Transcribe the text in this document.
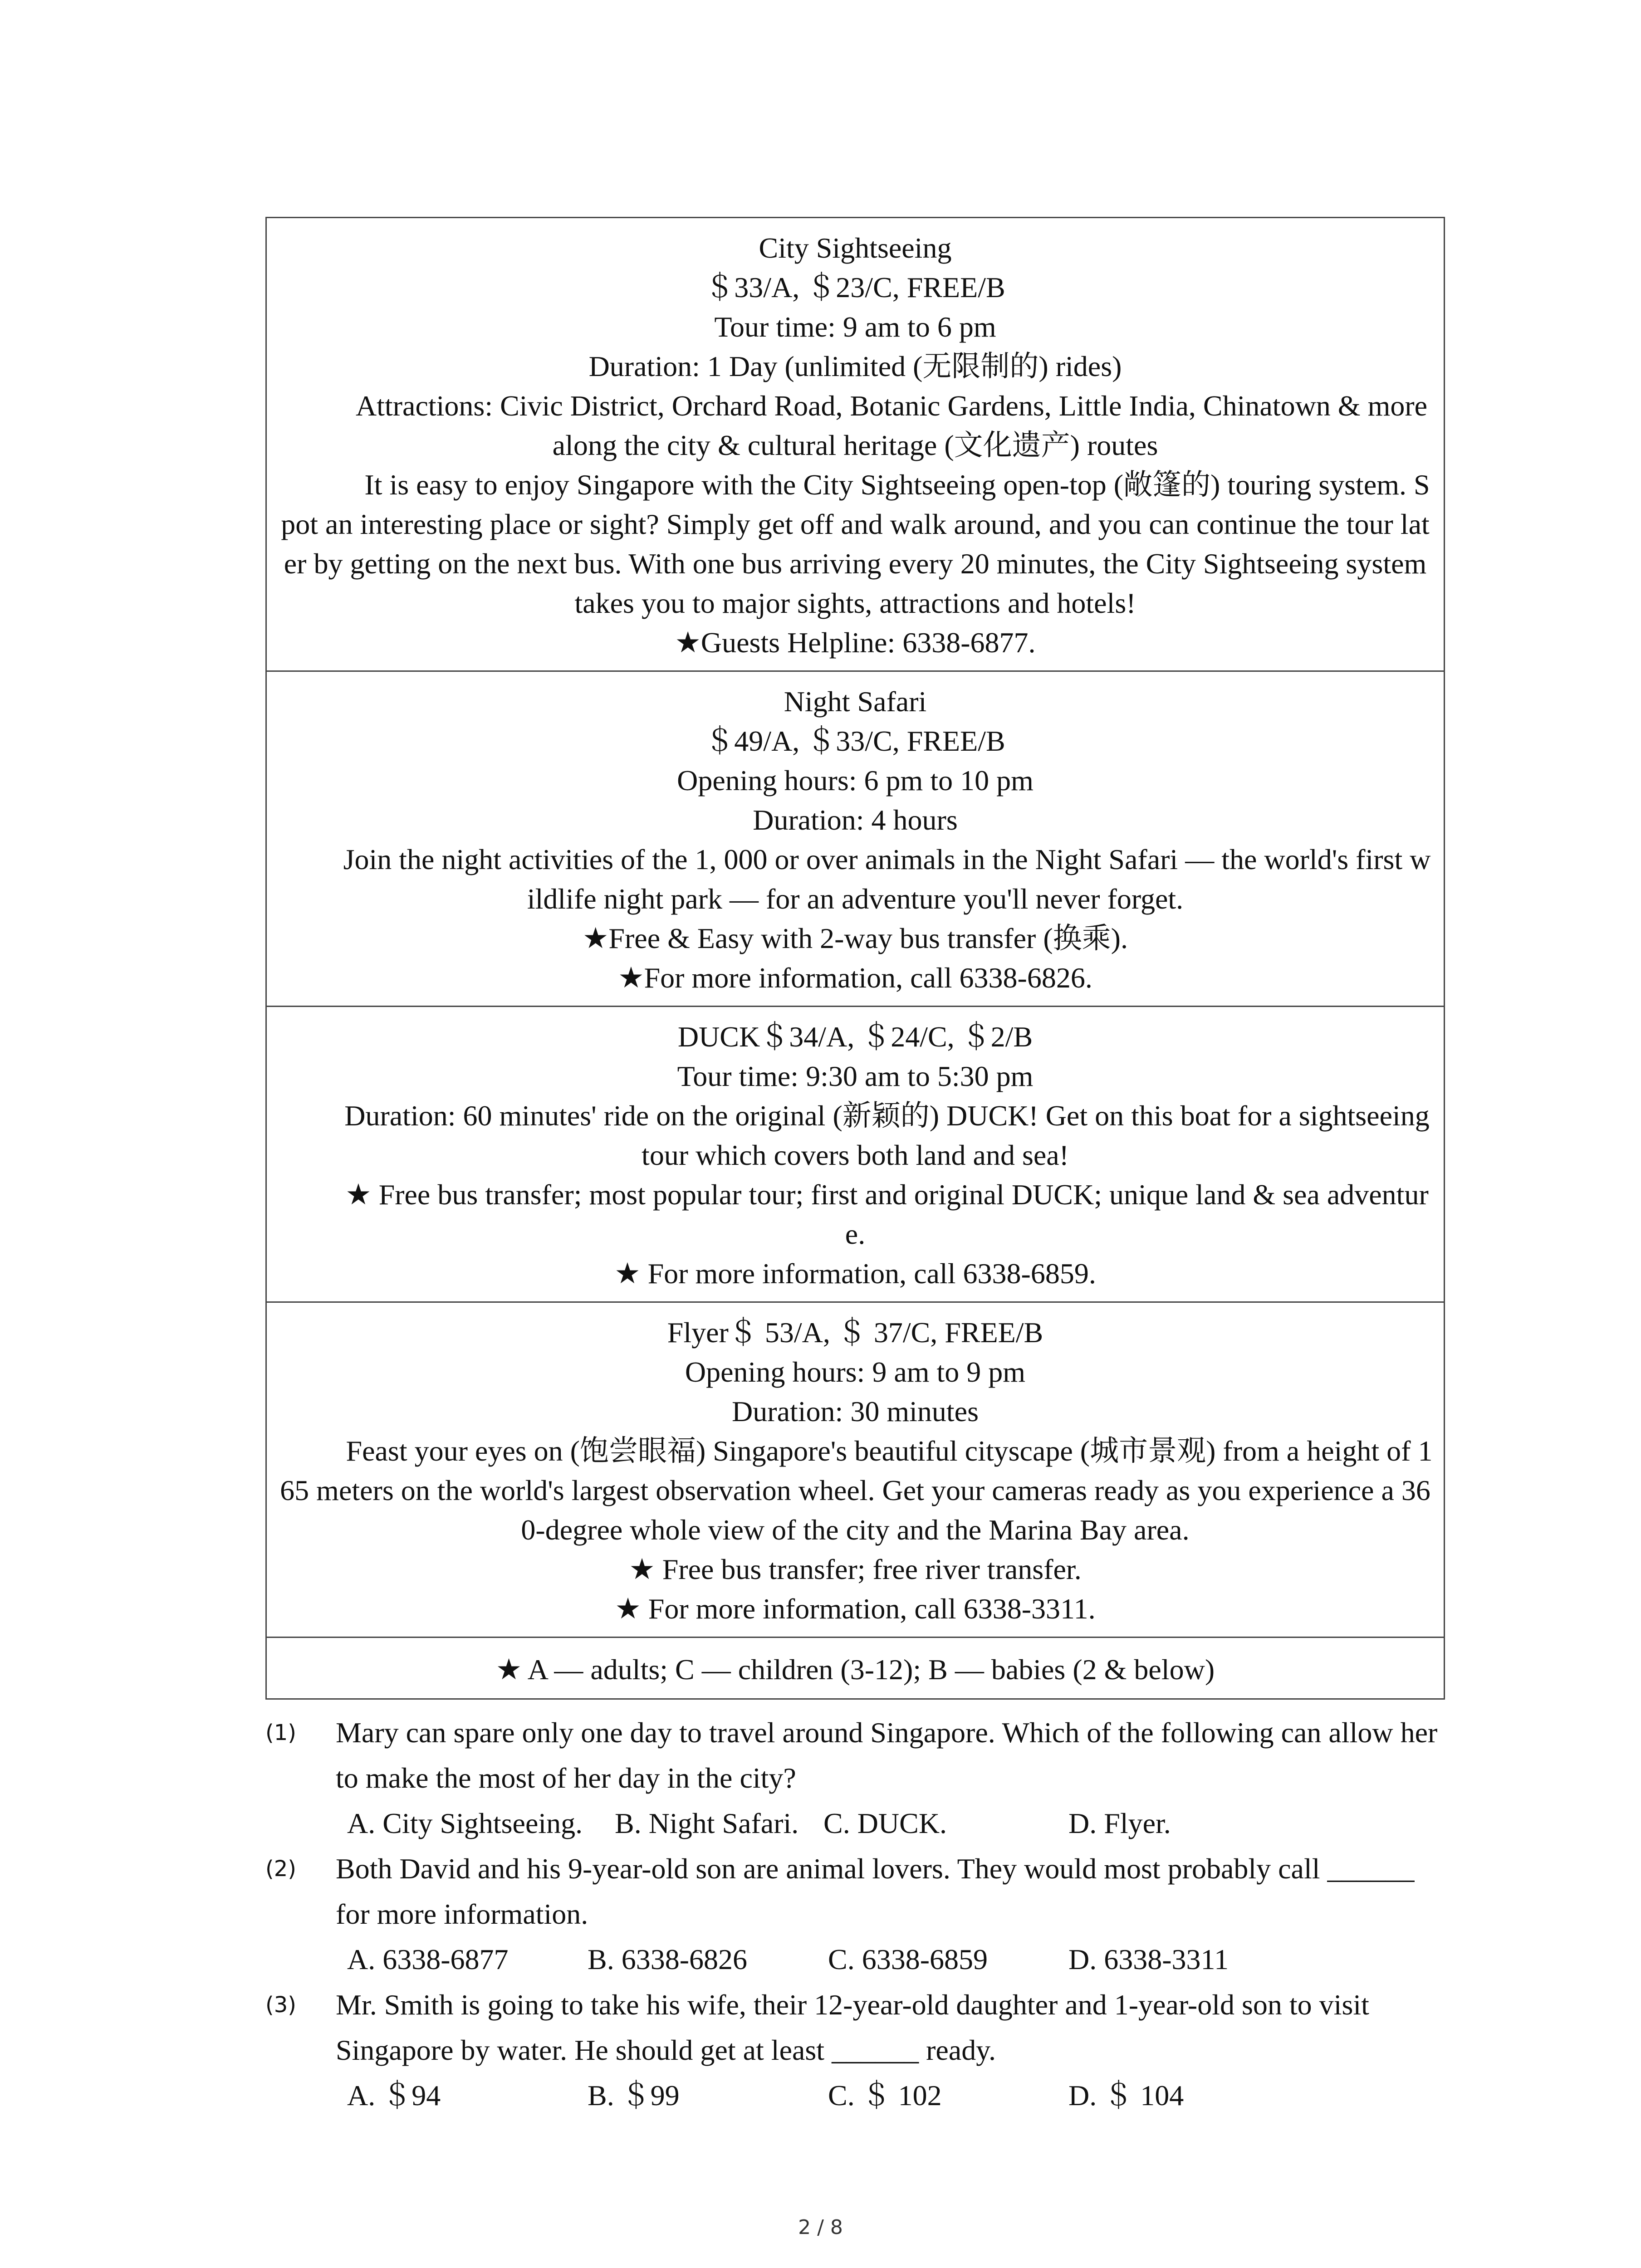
City Sightseeing
＄33/A, ＄23/C, FREE/B
Tour time: 9 am to 6 pm
Duration: 1 Day (unlimited (无限制的) rides)
Attractions: Civic District, Orchard Road, Botanic Gardens, Little India, Chinatown & more along the city & cultural heritage (文化遗产) routes
It is easy to enjoy Singapore with the City Sightseeing open-top (敞篷的) touring system. Spot an interesting place or sight? Simply get off and walk around, and you can continue the tour later by getting on the next bus. With one bus arriving every 20 minutes, the City Sightseeing system takes you to major sights, attractions and hotels!
★Guests Helpline: 6338-6877.
Night Safari
＄49/A, ＄33/C, FREE/B
Opening hours: 6 pm to 10 pm
Duration: 4 hours
Join the night activities of the 1, 000 or over animals in the Night Safari — the world's first wildlife night park — for an adventure you'll never forget.
★Free & Easy with 2-way bus transfer (换乘).
★For more information, call 6338-6826.
DUCK＄34/A, ＄24/C, ＄2/B
Tour time: 9:30 am to 5:30 pm
Duration: 60 minutes' ride on the original (新颖的) DUCK! Get on this boat for a sightseeing tour which covers both land and sea!
★ Free bus transfer; most popular tour; first and original DUCK; unique land & sea adventure.
★ For more information, call 6338-6859.
Flyer＄ 53/A, ＄ 37/C, FREE/B
Opening hours: 9 am to 9 pm
Duration: 30 minutes
Feast your eyes on (饱尝眼福) Singapore's beautiful cityscape (城市景观) from a height of 165 meters on the world's largest observation wheel. Get your cameras ready as you experience a 360-degree whole view of the city and the Marina Bay area.
★ Free bus transfer; free river transfer.
★ For more information, call 6338-3311.
★ A — adults; C — children (3-12); B — babies (2 & below)
(1) Mary can spare only one day to travel around Singapore. Which of the following can allow her to make the most of her day in the city?
A. City Sightseeing.	B. Night Safari. C. DUCK.	D. Flyer.
(2) Both David and his 9-year-old son are animal lovers. They would most probably call ______ for more information.
A. 6338-6877	B. 6338-6826	C. 6338-6859	D. 6338-3311
(3) Mr. Smith is going to take his wife, their 12-year-old daughter and 1-year-old son to visit Singapore by water. He should get at least ______ ready.
A. ＄94	B. ＄99	C. ＄ 102	D. ＄ 104
2 / 8
